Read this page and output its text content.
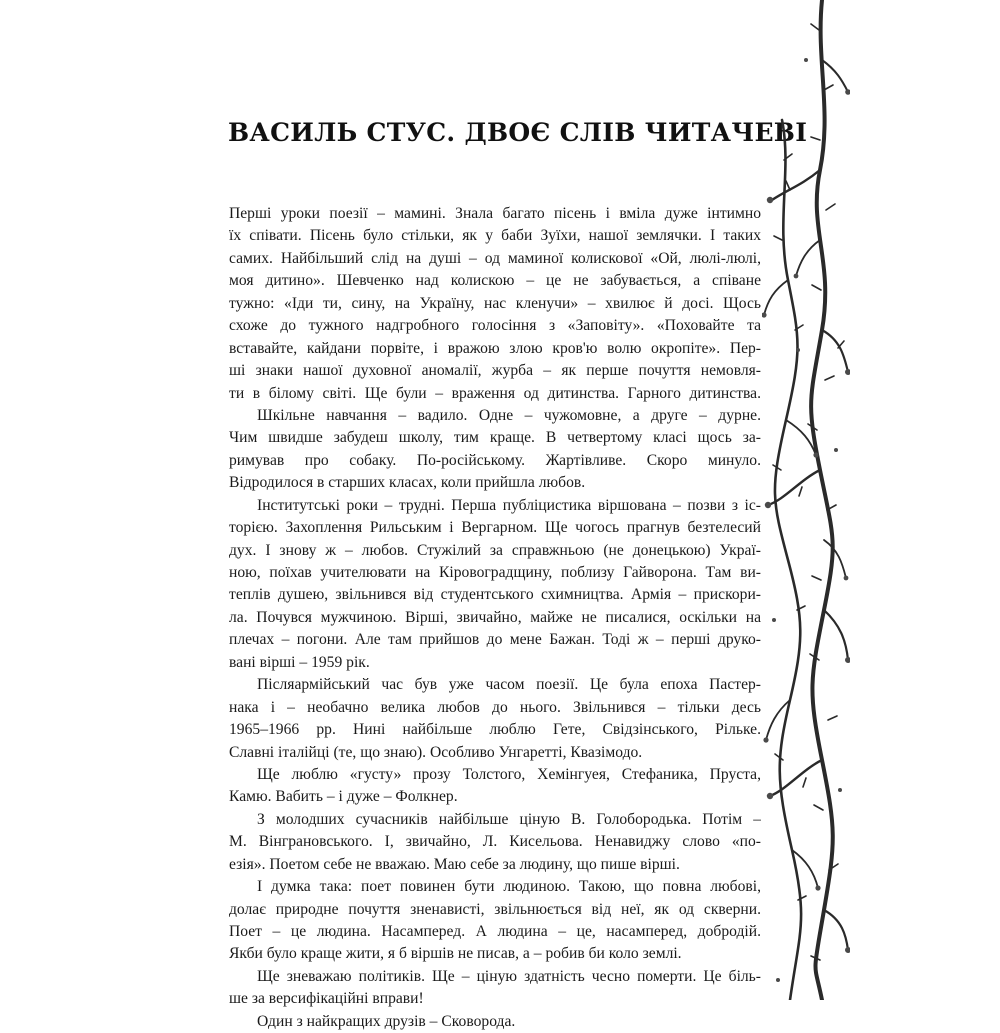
ВАСИЛЬ СТУС. ДВОЄ СЛІВ ЧИТАЧЕВІ
Перші уроки поезії – мамині. Знала багато пісень і вміла дуже інтимно
їх співати. Пісень було стільки, як у баби Зуїхи, нашої землячки. І таких
самих. Найбільший слід на душі – од маминої колискової «Ой, люлі-люлі,
моя дитино». Шевченко над колискою – це не забувається, а співане
тужно: «Іди ти, сину, на Україну, нас кленучи» – хвилює й досі. Щось
схоже до тужного надгробного голосіння з «Заповіту». «Поховайте та
вставайте, кайдани порвіте, і вражою злою кров'ю волю окропіте». Пер-
ші знаки нашої духовної аномалії, журба – як перше почуття немовля-
ти в білому світі. Ще були – враження од дитинства. Гарного дитинства.
Шкільне навчання – вадило. Одне – чужомовне, а друге – дурне.
Чим швидше забудеш школу, тим краще. В четвертому класі щось за-
римував про собаку. По-російському. Жартівливе. Скоро минуло.
Відродилося в старших класах, коли прийшла любов.
Інститутські роки – трудні. Перша публіцистика віршована – позви з іс-
торією. Захоплення Рильським і Вергарном. Ще чогось прагнув безтелесий
дух. І знову ж – любов. Стужілий за справжньою (не донецькою) Украї-
ною, поїхав учителювати на Кіровоградщину, поблизу Гайворона. Там ви-
теплів душею, звільнився від студентського схимництва. Армія – прискори-
ла. Почувся мужчиною. Вірші, звичайно, майже не писалися, оскільки на
плечах – погони. Але там прийшов до мене Бажан. Тоді ж – перші друко-
вані вірші – 1959 рік.
Післяармійський час був уже часом поезії. Це була епоха Пастер-
нака і – необачно велика любов до нього. Звільнився – тільки десь
1965–1966 рр. Нині найбільше люблю Гете, Свідзінського, Рільке.
Славні італійці (те, що знаю). Особливо Унгаретті, Квазімодо.
Ще люблю «густу» прозу Толстого, Хемінгуея, Стефаника, Пруста,
Камю. Вабить – і дуже – Фолкнер.
З молодших сучасників найбільше ціную В. Голобородька. Потім –
М. Вінграновського. І, звичайно, Л. Кисельова. Ненавиджу слово «по-
езія». Поетом себе не вважаю. Маю себе за людину, що пише вірші.
І думка така: поет повинен бути людиною. Такою, що повна любові,
долає природне почуття зненависті, звільнюється від неї, як од скверни.
Поет – це людина. Насамперед. А людина – це, насамперед, добродій.
Якби було краще жити, я б віршів не писав, а – робив би коло землі.
Ще зневажаю політиків. Ще – ціную здатність чесно померти. Це біль-
ше за версифікаційні вправи!
Один з найкращих друзів – Сковорода.
